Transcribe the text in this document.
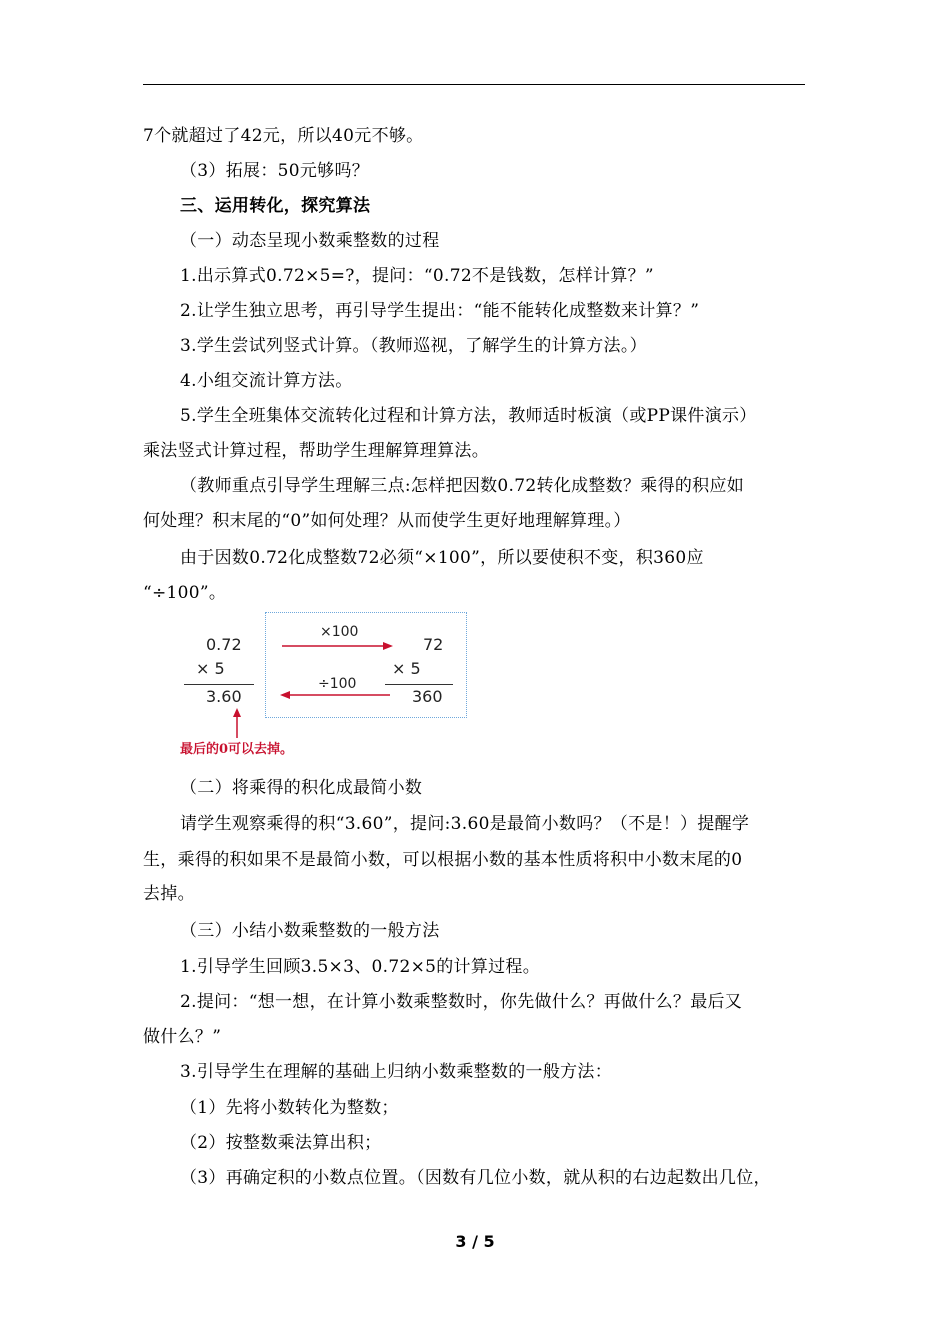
7个就超过了42元，所以40元不够。
（3）拓展：50元够吗？
三、运用转化，探究算法
（一）动态呈现小数乘整数的过程
1.出示算式0.72×5=?，提问：“0.72不是钱数，怎样计算？”
2.让学生独立思考，再引导学生提出：“能不能转化成整数来计算？”
3.学生尝试列竖式计算。（教师巡视，了解学生的计算方法。）
4.小组交流计算方法。
5.学生全班集体交流转化过程和计算方法，教师适时板演（或PP课件演示）
乘法竖式计算过程，帮助学生理解算理算法。
（教师重点引导学生理解三点:怎样把因数0.72转化成整数？乘得的积应如
何处理？积末尾的“0”如何处理？从而使学生更好地理解算理。）
由于因数0.72化成整数72必须“×100”，所以要使积不变，积360应
“÷100”。
0.72
× 5
3.60
×100
72
× 5
÷100
360
最后的0可以去掉。
（二）将乘得的积化成最简小数
请学生观察乘得的积“3.60”，提问:3.60是最简小数吗？（不是！）提醒学
生，乘得的积如果不是最简小数，可以根据小数的基本性质将积中小数末尾的0
去掉。
（三）小结小数乘整数的一般方法
1.引导学生回顾3.5×3、0.72×5的计算过程。
2.提问：“想一想，在计算小数乘整数时，你先做什么？再做什么？最后又
做什么？”
3.引导学生在理解的基础上归纳小数乘整数的一般方法：
（1）先将小数转化为整数；
（2）按整数乘法算出积；
（3）再确定积的小数点位置。（因数有几位小数，就从积的右边起数出几位，
3 / 5
